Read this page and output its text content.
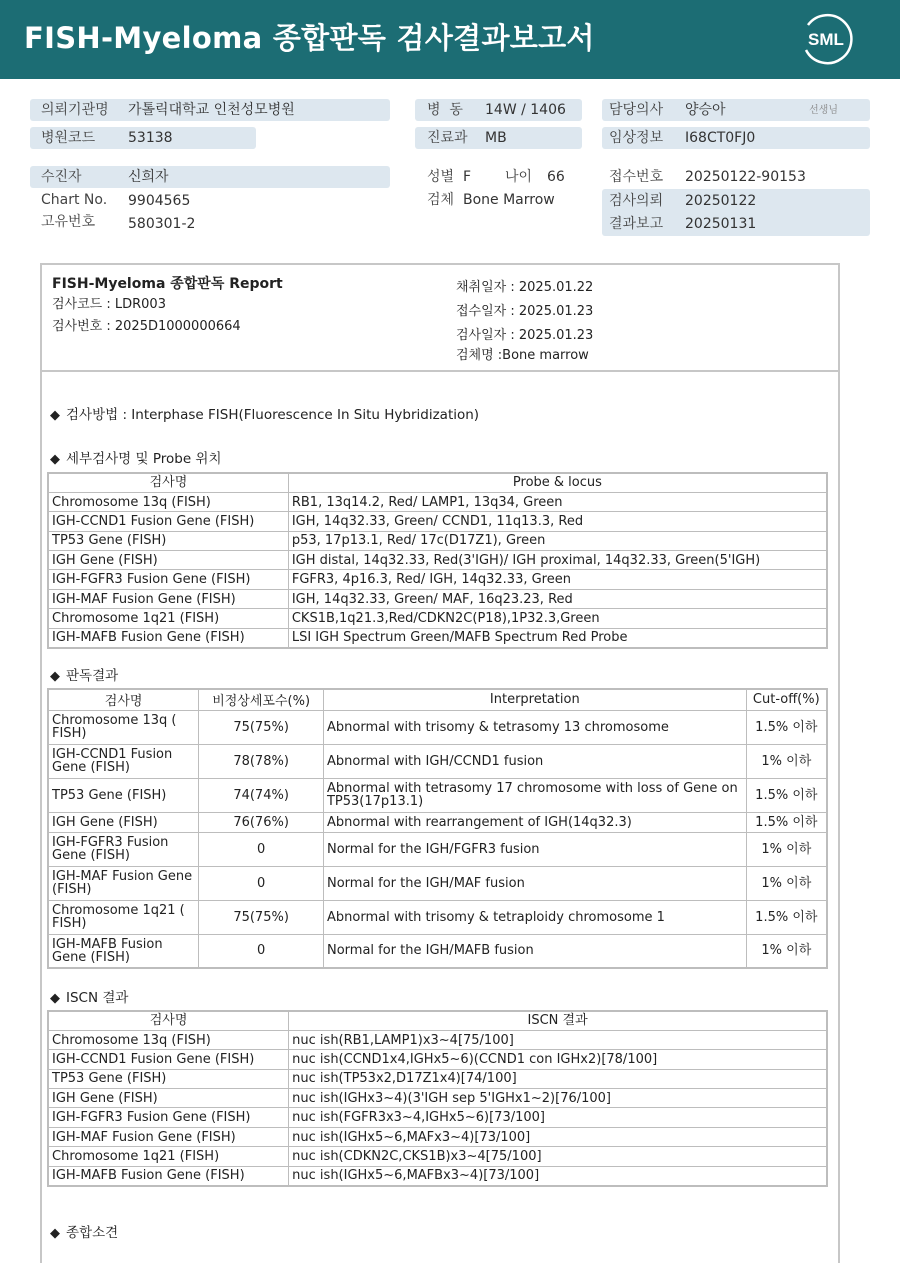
FISH-Myeloma 종합판독 검사결과보고서	SML
의뢰기관명 가톨릭대학교 인천성모병원
병원코드 53138
병  동 14W / 1406
진료과 MB
담당의사 양승아	선생님
임상정보 I68CT0FJ0
수진자	신희자
Chart No. 9904565
고유번호 580301-2
성별 F 나이 66
검체 Bone Marrow
접수번호 20250122-90153
검사의뢰 20250122
결과보고 20250131
FISH-Myeloma 종합판독 Report
검사코드 : LDR003
검사번호 : 2025D1000000664
채취일자 : 2025.01.22
접수일자 : 2025.01.23
검사일자 : 2025.01.23
검체명 :Bone marrow
◆ 검사방법 : Interphase FISH(Fluorescence In Situ Hybridization)
◆ 세부검사명 및 Probe 위치
검사명	Probe & locus
Chromosome 13q (FISH)	RB1, 13q14.2, Red/ LAMP1, 13q34, Green
IGH-CCND1 Fusion Gene (FISH)	IGH, 14q32.33, Green/ CCND1, 11q13.3, Red
TP53 Gene (FISH)	p53, 17p13.1, Red/ 17c(D17Z1), Green
IGH Gene (FISH)	IGH distal, 14q32.33, Red(3'IGH)/ IGH proximal, 14q32.33, Green(5'IGH)
IGH-FGFR3 Fusion Gene (FISH)	FGFR3, 4p16.3, Red/ IGH, 14q32.33, Green
IGH-MAF Fusion Gene (FISH)	IGH, 14q32.33, Green/ MAF, 16q23.23, Red
Chromosome 1q21 (FISH)	CKS1B,1q21.3,Red/CDKN2C(P18),1P32.3,Green
IGH-MAFB Fusion Gene (FISH)	LSI IGH Spectrum Green/MAFB Spectrum Red Probe
◆ 판독결과
검사명	비정상세포수(%)	Interpretation	Cut-off(%)
Chromosome 13q ( FISH)	75(75%)	Abnormal with trisomy & tetrasomy 13 chromosome	1.5% 이하
IGH-CCND1 Fusion Gene (FISH)	78(78%)	Abnormal with IGH/CCND1 fusion	1% 이하
TP53 Gene (FISH)	74(74%)	Abnormal with tetrasomy 17 chromosome with loss of Gene on TP53(17p13.1)	1.5% 이하
IGH Gene (FISH)	76(76%)	Abnormal with rearrangement of IGH(14q32.3)	1.5% 이하
IGH-FGFR3 Fusion Gene (FISH)	0	Normal for the IGH/FGFR3 fusion	1% 이하
IGH-MAF Fusion Gene (FISH)	0	Normal for the IGH/MAF fusion	1% 이하
Chromosome 1q21 ( FISH)	75(75%)	Abnormal with trisomy & tetraploidy chromosome 1	1.5% 이하
IGH-MAFB Fusion Gene (FISH)	0	Normal for the IGH/MAFB fusion	1% 이하
◆ ISCN 결과
검사명	ISCN 결과
Chromosome 13q (FISH)	nuc ish(RB1,LAMP1)x3~4[75/100]
IGH-CCND1 Fusion Gene (FISH)	nuc ish(CCND1x4,IGHx5~6)(CCND1 con IGHx2)[78/100]
TP53 Gene (FISH)	nuc ish(TP53x2,D17Z1x4)[74/100]
IGH Gene (FISH)	nuc ish(IGHx3~4)(3'IGH sep 5'IGHx1~2)[76/100]
IGH-FGFR3 Fusion Gene (FISH)	nuc ish(FGFR3x3~4,IGHx5~6)[73/100]
IGH-MAF Fusion Gene (FISH)	nuc ish(IGHx5~6,MAFx3~4)[73/100]
Chromosome 1q21 (FISH)	nuc ish(CDKN2C,CKS1B)x3~4[75/100]
IGH-MAFB Fusion Gene (FISH)	nuc ish(IGHx5~6,MAFBx3~4)[73/100]
◆ 종합소견
